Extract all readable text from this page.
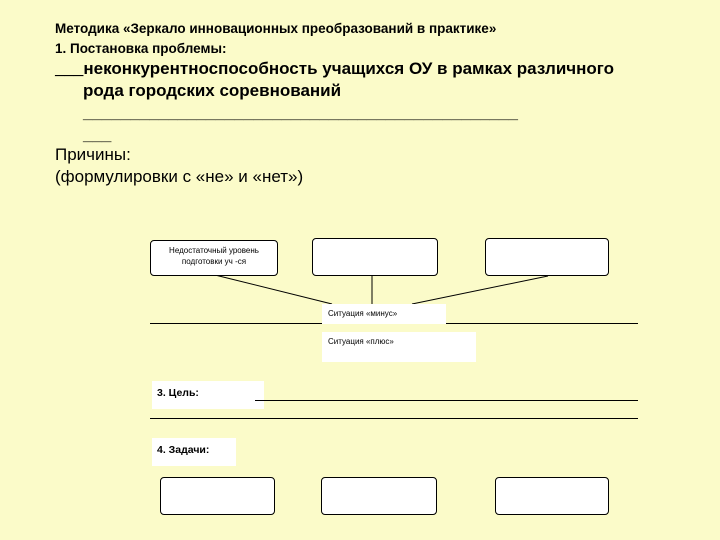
Методика «Зеркало инновационных преобразований в практике»
1. Постановка проблемы:
___неконкурентноспособность учащихся ОУ в рамках различного
рода городских соревнований
______________________________________________
___
Причины:
(формулировки с «не» и «нет»)
Недостаточный уровень подготовки уч -ся
Ситуация «минус»
Ситуация «плюс»
3. Цель:
4. Задачи:
